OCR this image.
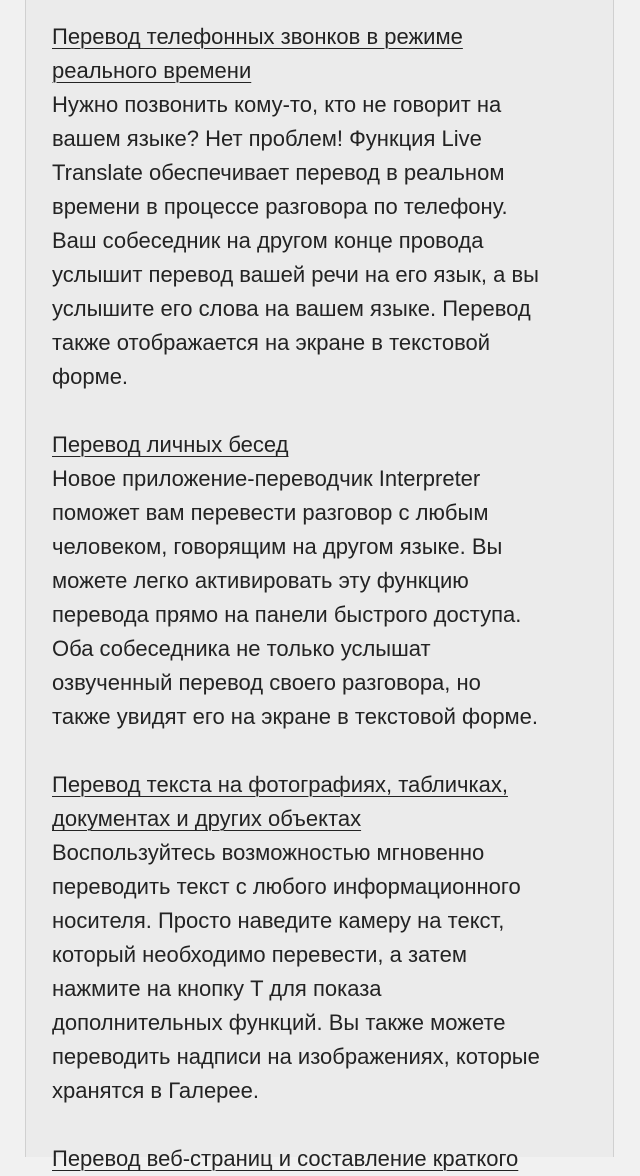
Перевод телефонных звонков в режиме
реального времени
Нужно позвонить кому-то, кто не говорит на
вашем языке? Нет проблем! Функция Live
Translate обеспечивает перевод в реальном
времени в процессе разговора по телефону.
Ваш собеседник на другом конце провода
услышит перевод вашей речи на его язык, а вы
услышите его слова на вашем языке. Перевод
также отображается на экране в текстовой
форме.
Перевод личных бесед
Новое приложение-переводчик Interpreter
поможет вам перевести разговор с любым
человеком, говорящим на другом языке. Вы
можете легко активировать эту функцию
перевода прямо на панели быстрого доступа.
Оба собеседника не только услышат
озвученный перевод своего разговора, но
также увидят его на экране в текстовой форме.
Перевод текста на фотографиях, табличках,
документах и других объектах
Воспользуйтесь возможностью мгновенно
переводить текст с любого информационного
носителя. Просто наведите камеру на текст,
который необходимо перевести, а затем
нажмите на кнопку T для показа
дополнительных функций. Вы также можете
переводить надписи на изображениях, которые
хранятся в Галерее.
Перевод веб-страниц и составление краткого
